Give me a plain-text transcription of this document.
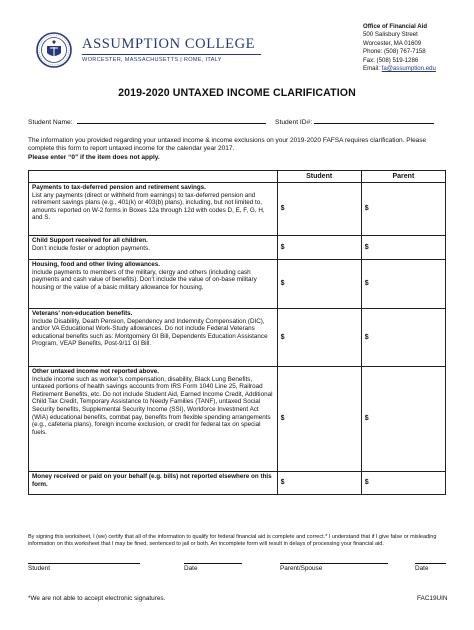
ASSUMPTION COLLEGE
WORCESTER, MASSACHUSETTS | ROME, ITALY
Office of Financial Aid
500 Salisbury Street
Worcester, MA 01609
Phone: (508) 767-7158
Fax: (508) 519-1286
Email: fa@assumption.edu
2019-2020 UNTAXED INCOME CLARIFICATION
Student Name:	Student ID#:
The information you provided regarding your untaxed income & income exclusions on your 2019-2020 FAFSA requires clarification. Please complete this form to report untaxed income for the calendar year 2017.
Please enter “0” if the item does not apply.
	Student	Parent
Payments to tax-deferred pension and retirement savings.
List any payments (direct or withheld from earnings) to tax-deferred pension and retirement savings plans (e.g., 401(k) or 403(b) plans), including, but not limited to, amounts reported on W-2 forms in Boxes 12a through 12d with codes D, E, F, G, H, and S.	$	$
Child Support received for all children.
Don’t include foster or adoption payments.	$	$
Housing, food and other living allowances.
Include payments to members of the military, clergy and others (including cash payments and cash value of benefits). Don’t include the value of on-base military housing or the value of a basic military allowance for housing.	$	$
Veterans’ non-education benefits.
Include Disability, Death Pension, Dependency and Indemnity Compensation (DIC), and/or VA Educational Work-Study allowances. Do not include Federal Veterans educational benefits such as: Montgomery GI Bill, Dependents Education Assistance Program, VEAP Benefits, Post-9/11 GI Bill.	$	$
Other untaxed income not reported above.
Include income such as worker’s compensation, disability, Black Lung Benefits, untaxed portions of health savings accounts from IRS Form 1040 Line 25, Railroad Retirement Benefits, etc. Do not include Student Aid, Earned Income Credit, Additional Child Tax Credit, Temporary Assistance to Needy Families (TANF), untaxed Social Security benefits, Supplemental Security Income (SSI), Workforce Investment Act (WIA) educational benefits, combat pay, benefits from flexible spending arrangements (e.g., cafeteria plans), foreign income exclusion, or credit for federal tax on special fuels.	$	$
Money received or paid on your behalf (e.g. bills) not reported elsewhere on this form.	$	$
By signing this worksheet, I (we) certify that all of the information to qualify for federal financial aid is complete and correct.* I understand that if I give false or misleading information on this worksheet that I may be fined, sentenced to jail or both. An incomplete form will result in delays of processing your financial aid.
Student	Date	Parent/Spouse	Date
*We are not able to accept electronic signatures.	FAC19UIN
